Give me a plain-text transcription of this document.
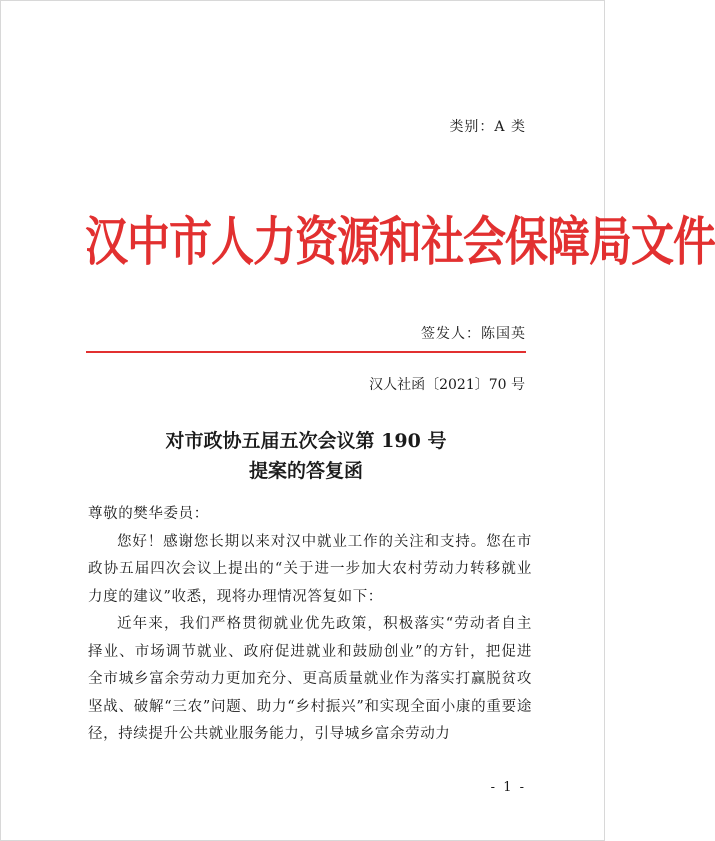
类别：A 类
汉中市人力资源和社会保障局文件
签发人：陈国英
汉人社函〔2021〕70 号
对市政协五届五次会议第 190 号
提案的答复函

尊敬的樊华委员：

您好！感谢您长期以来对汉中就业工作的关注和支持。您在市政协五届四次会议上提出的“关于进一步加大农村劳动力转移就业力度的建议”收悉，现将办理情况答复如下：

近年来，我们严格贯彻就业优先政策，积极落实“劳动者自主择业、市场调节就业、政府促进就业和鼓励创业”的方针，把促进全市城乡富余劳动力更加充分、更高质量就业作为落实打赢脱贫攻坚战、破解“三农”问题、助力“乡村振兴”和实现全面小康的重要途径，持续提升公共就业服务能力，引导城乡富余劳动力

- 1 -
